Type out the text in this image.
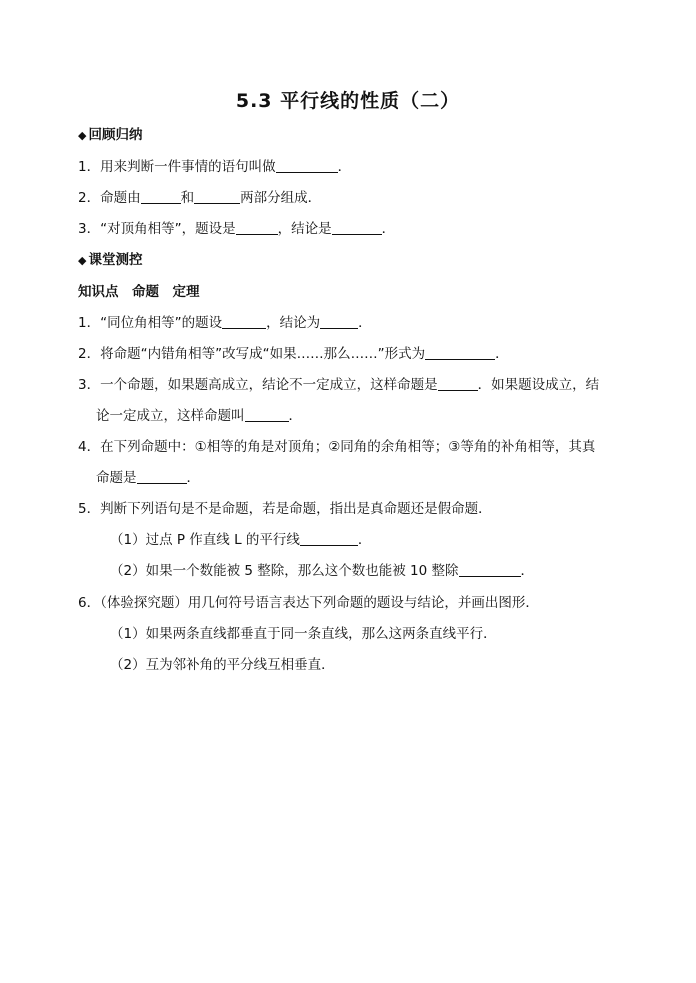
5.3 平行线的性质（二）
◆ 回顾归纳
1．用来判断一件事情的语句叫做	．
2．命题由	和	两部分组成．
3．“对顶角相等”，题设是	，结论是	．
◆ 课堂测控
知识点　命题　定理
1．“同位角相等”的题设	，结论为	．
2．将命题“内错角相等”改写成“如果……那么……”形式为	．
3．一个命题，如果题高成立，结论不一定成立，这样命题是	．如果题设成立，结
论一定成立，这样命题叫	．
4．在下列命题中：①相等的角是对顶角；②同角的余角相等；③等角的补角相等，其真
命题是	．
5．判断下列语句是不是命题，若是命题，指出是真命题还是假命题．
（1）过点 P 作直线 L 的平行线	．
（2）如果一个数能被 5 整除，那么这个数也能被 10 整除	．
6．（体验探究题）用几何符号语言表达下列命题的题设与结论，并画出图形．
（1）如果两条直线都垂直于同一条直线，那么这两条直线平行．
（2）互为邻补角的平分线互相垂直．
